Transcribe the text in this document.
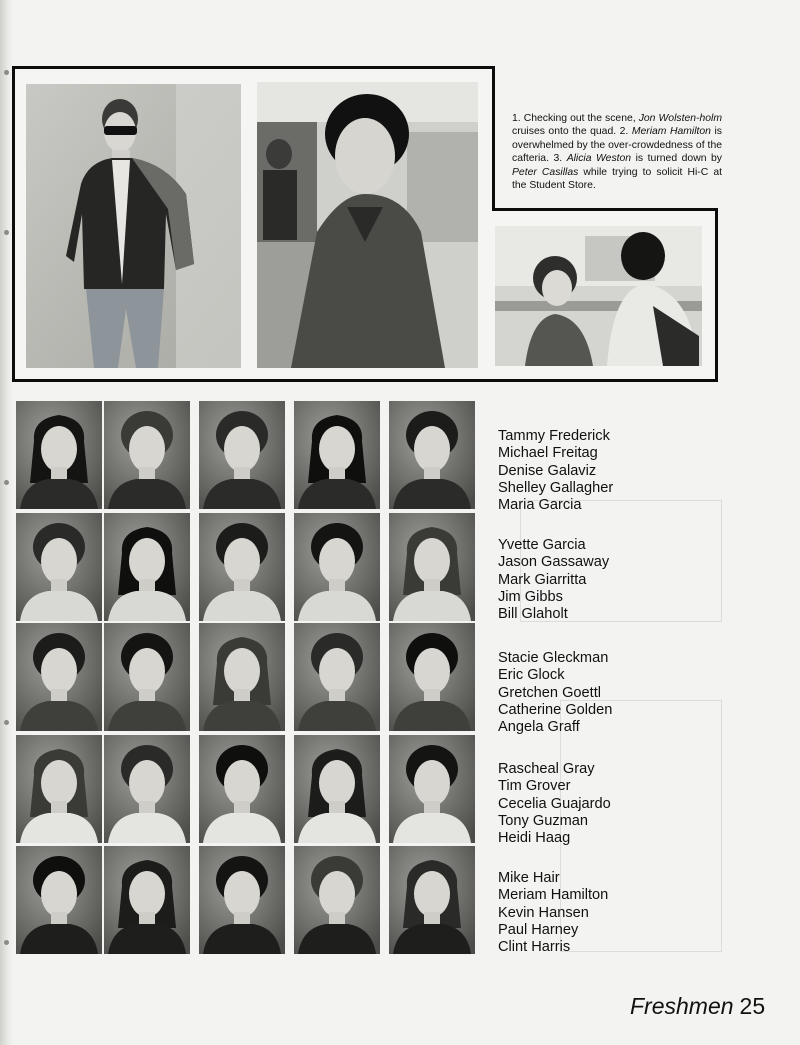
1. Checking out the scene, Jon Wolsten-holm cruises onto the quad. 2. Meriam Hamilton is overwhelmed by the over-crowdedness of the cafteria. 3. Alicia Weston is turned down by Peter Casillas while trying to solicit Hi-C at the Student Store.
Tammy Frederick
Michael Freitag
Denise Galaviz
Shelley Gallagher
Maria Garcia
Yvette Garcia
Jason Gassaway
Mark Giarritta
Jim Gibbs
Bill Glaholt
Stacie Gleckman
Eric Glock
Gretchen Goettl
Catherine Golden
Angela Graff
Rascheal Gray
Tim Grover
Cecelia Guajardo
Tony Guzman
Heidi Haag
Mike Hair
Meriam Hamilton
Kevin Hansen
Paul Harney
Clint Harris
Freshmen 25
